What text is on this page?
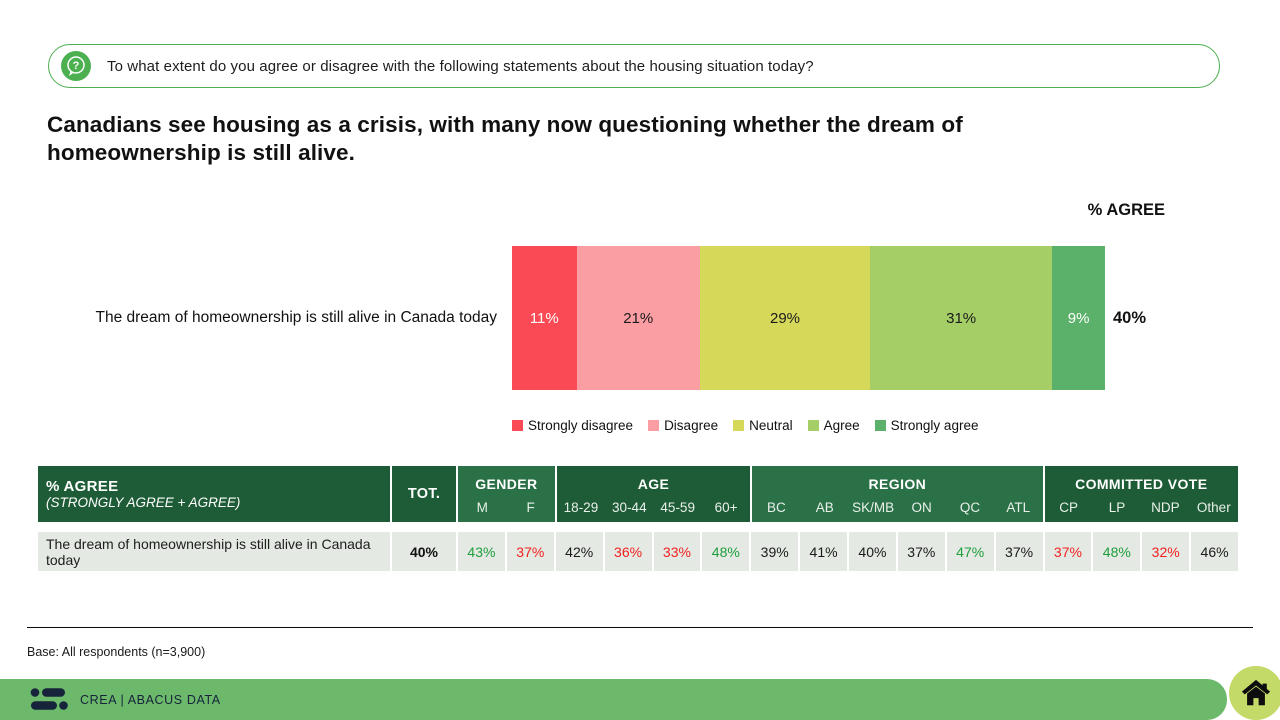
? To what extent do you agree or disagree with the following statements about the housing situation today?
Canadians see housing as a crisis, with many now questioning whether the dream of homeownership is still alive.
% AGREE
The dream of homeownership is still alive in Canada today	11%	21%	29%	31%	9%	40%
Strongly disagree Disagree Neutral Agree Strongly agree
% AGREE
(STRONGLY AGREE + AGREE)
TOT.
GENDER
M	F
AGE
18-29	30-44	45-59	60+
REGION
BC	AB	SK/MB	ON	QC	ATL
COMMITTED VOTE
CP	LP	NDP	Other
The dream of homeownership is still alive in Canada today	40%	43%	37%	42%	36%	33%	48%	39%	41%	40%	37%	47%	37%	37%	48%	32%	46%
Base: All respondents (n=3,900)
CREA | ABACUS DATA
